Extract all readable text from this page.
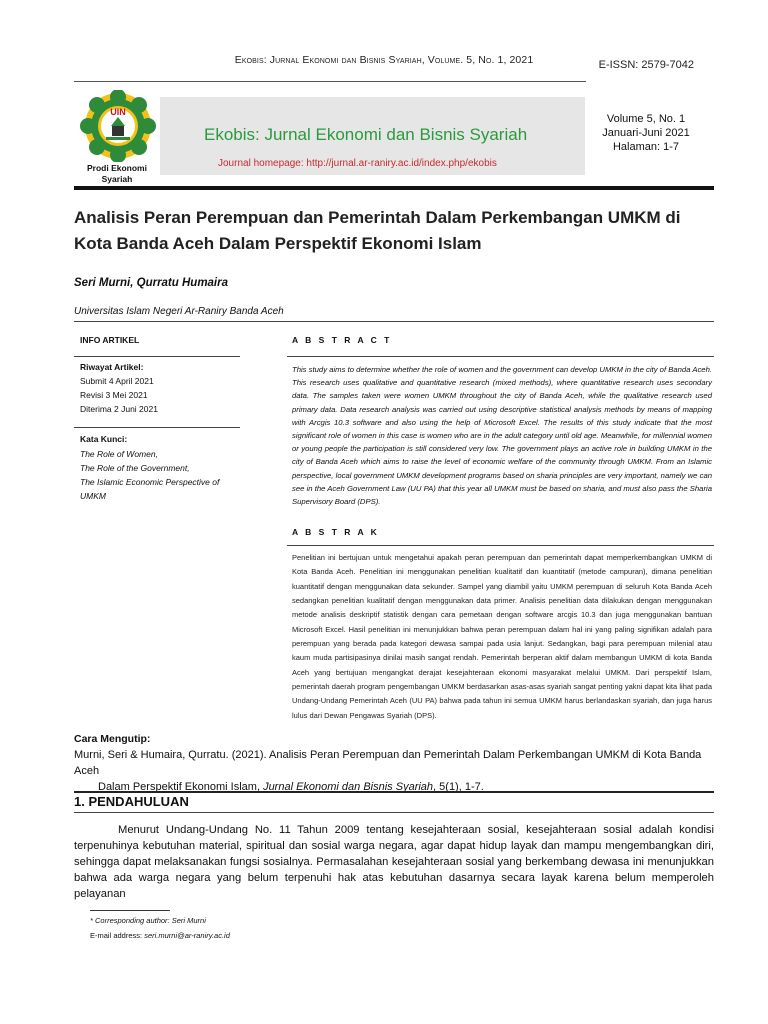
Ekobis: Jurnal Ekonomi dan Bisnis Syariah, Volume. 5, No. 1, 2021	E-ISSN: 2579-7042
UIN
Prodi Ekonomi Syariah
Ekobis: Jurnal Ekonomi dan Bisnis Syariah
Journal homepage: http://jurnal.ar-raniry.ac.id/index.php/ekobis
Volume 5, No. 1
Januari-Juni 2021
Halaman: 1-7
Analisis Peran Perempuan dan Pemerintah Dalam Perkembangan UMKM di Kota Banda Aceh Dalam Perspektif Ekonomi Islam
Seri Murni, Qurratu Humaira
Universitas Islam Negeri Ar-Raniry Banda Aceh
INFO ARTIKEL
Riwayat Artikel:
Submit 4 April 2021
Revisi 3 Mei 2021
Diterima 2 Juni 2021
Kata Kunci:
The Role of Women,
The Role of the Government,
The Islamic Economic Perspective of UMKM
A B S T R A C T
This study aims to determine whether the role of women and the government can develop UMKM in the city of Banda Aceh. This research uses qualitative and quantitative research (mixed methods), where quantitative research uses secondary data. The samples taken were women UMKM throughout the city of Banda Aceh, while the qualitative research used primary data. Data research analysis was carried out using descriptive statistical analysis methods by means of mapping with Arcgis 10.3 software and also using the help of Microsoft Excel. The results of this study indicate that the most significant role of women in this case is women who are in the adult category until old age. Meanwhile, for millennial women or young people the participation is still considered very low. The government plays an active role in building UMKM in the city of Banda Aceh which aims to raise the level of economic welfare of the community through UMKM. From an Islamic perspective, local government UMKM development programs based on sharia principles are very important, namely we can see in the Aceh Government Law (UU PA) that this year all UMKM must be based on sharia, and must also pass the Sharia Supervisory Board (DPS).
A B S T R A K
Penelitian ini bertujuan untuk mengetahui apakah peran perempuan dan pemerintah dapat memperkembangkan UMKM di Kota Banda Aceh. Penelitian ini menggunakan penelitian kualitatif dan kuantitatif (metode campuran), dimana penelitian kuantitatif dengan menggunakan data sekunder. Sampel yang diambil yaitu UMKM perempuan di seluruh Kota Banda Aceh sedangkan penelitian kualitatif dengan menggunakan data primer. Analisis penelitian data dilakukan dengan menggunakan metode analisis deskriptif statistik dengan cara pemetaan dengan software arcgis 10.3 dan juga menggunakan bantuan Microsoft Excel. Hasil penelitian ini menunjukkan bahwa peran perempuan dalam hal ini yang paling signifikan adalah para perempuan yang berada pada kategori dewasa sampai pada usia lanjut. Sedangkan, bagi para perempuan milenial atau kaum muda partisipasinya dinilai masih sangat rendah. Pemerintah berperan aktif dalam membangun UMKM di kota Banda Aceh yang bertujuan mengangkat derajat kesejahteraan ekonomi masyarakat melalui UMKM. Dari perspektif Islam, pemerintah daerah program pengembangan UMKM berdasarkan asas-asas syariah sangat penting yakni dapat kita lihat pada Undang-Undang Pemerintah Aceh (UU PA) bahwa pada tahun ini semua UMKM harus berlandaskan syariah, dan juga harus lulus dari Dewan Pengawas Syariah (DPS).
Cara Mengutip:
Murni, Seri & Humaira, Qurratu. (2021). Analisis Peran Perempuan dan Pemerintah Dalam Perkembangan UMKM di Kota Banda Aceh
Dalam Perspektif Ekonomi Islam, Jurnal Ekonomi dan Bisnis Syariah, 5(1), 1-7.
1. PENDAHULUAN
Menurut Undang-Undang No. 11 Tahun 2009 tentang kesejahteraan sosial, kesejahteraan sosial adalah kondisi terpenuhinya kebutuhan material, spiritual dan sosial warga negara, agar dapat hidup layak dan mampu mengembangkan diri, sehingga dapat melaksanakan fungsi sosialnya. Permasalahan kesejahteraan sosial yang berkembang dewasa ini menunjukkan bahwa ada warga negara yang belum terpenuhi hak atas kebutuhan dasarnya secara layak karena belum memperoleh pelayanan
* Corresponding author: Seri Murni
E-mail address: seri.murni@ar-raniry.ac.id
